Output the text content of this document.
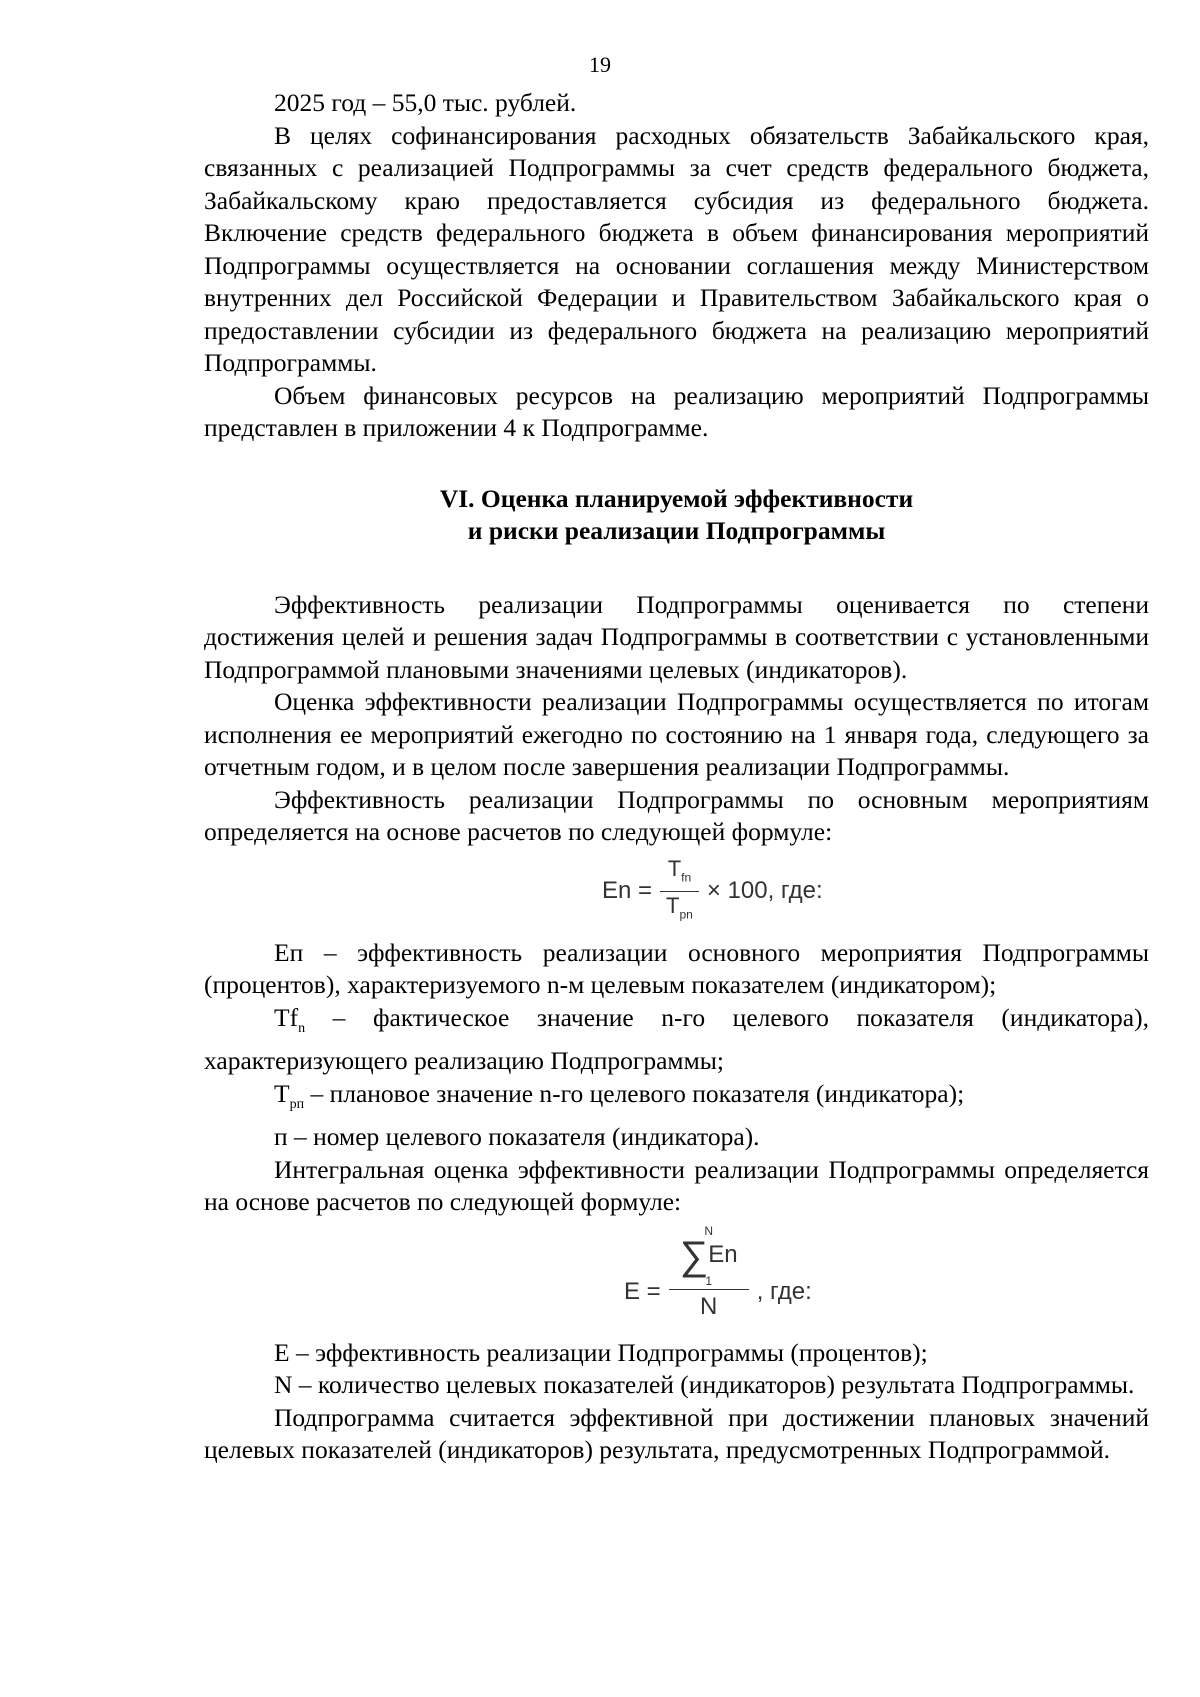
19

2025 год – 55,0 тыс. рублей.

В целях софинансирования расходных обязательств Забайкальского края, связанных с реализацией Подпрограммы за счет средств федерального бюджета, Забайкальскому краю предоставляется субсидия из федерального бюджета. Включение средств федерального бюджета в объем финансирования мероприятий Подпрограммы осуществляется на основании соглашения между Министерством внутренних дел Российской Федерации и Правительством Забайкальского края о предоставлении субсидии из федерального бюджета на реализацию мероприятий Подпрограммы.

Объем финансовых ресурсов на реализацию мероприятий Подпрограммы представлен в приложении 4 к Подпрограмме.

VI. Оценка планируемой эффективности
и риски реализации Подпрограммы

Эффективность реализации Подпрограммы оценивается по степени достижения целей и решения задач Подпрограммы в соответствии с установленными Подпрограммой плановыми значениями целевых (индикаторов).

Оценка эффективности реализации Подпрограммы осуществляется по итогам исполнения ее мероприятий ежегодно по состоянию на 1 января года, следующего за отчетным годом, и в целом после завершения реализации Подпрограммы.

Эффективность реализации Подпрограммы по основным мероприятиям определяется на основе расчетов по следующей формуле:

$En = \frac{T_{fn}}{T_{pn}} \times 100$, где:

Еп – эффективность реализации основного мероприятия Подпрограммы (процентов), характеризуемого n-м целевым показателем (индикатором);

$Tf_n$ – фактическое значение n-го целевого показателя (индикатора), характеризующего реализацию Подпрограммы;

$Т_{рп}$ – плановое значение n-го целевого показателя (индикатора);

п – номер целевого показателя (индикатора).

Интегральная оценка эффективности реализации Подпрограммы определяется на основе расчетов по следующей формуле:

E =
N
∑ En
1
N
, где:

Е – эффективность реализации Подпрограммы (процентов);

N – количество целевых показателей (индикаторов) результата Подпрограммы.

Подпрограмма считается эффективной при достижении плановых значений целевых показателей (индикаторов) результата, предусмотренных Подпрограммой.
